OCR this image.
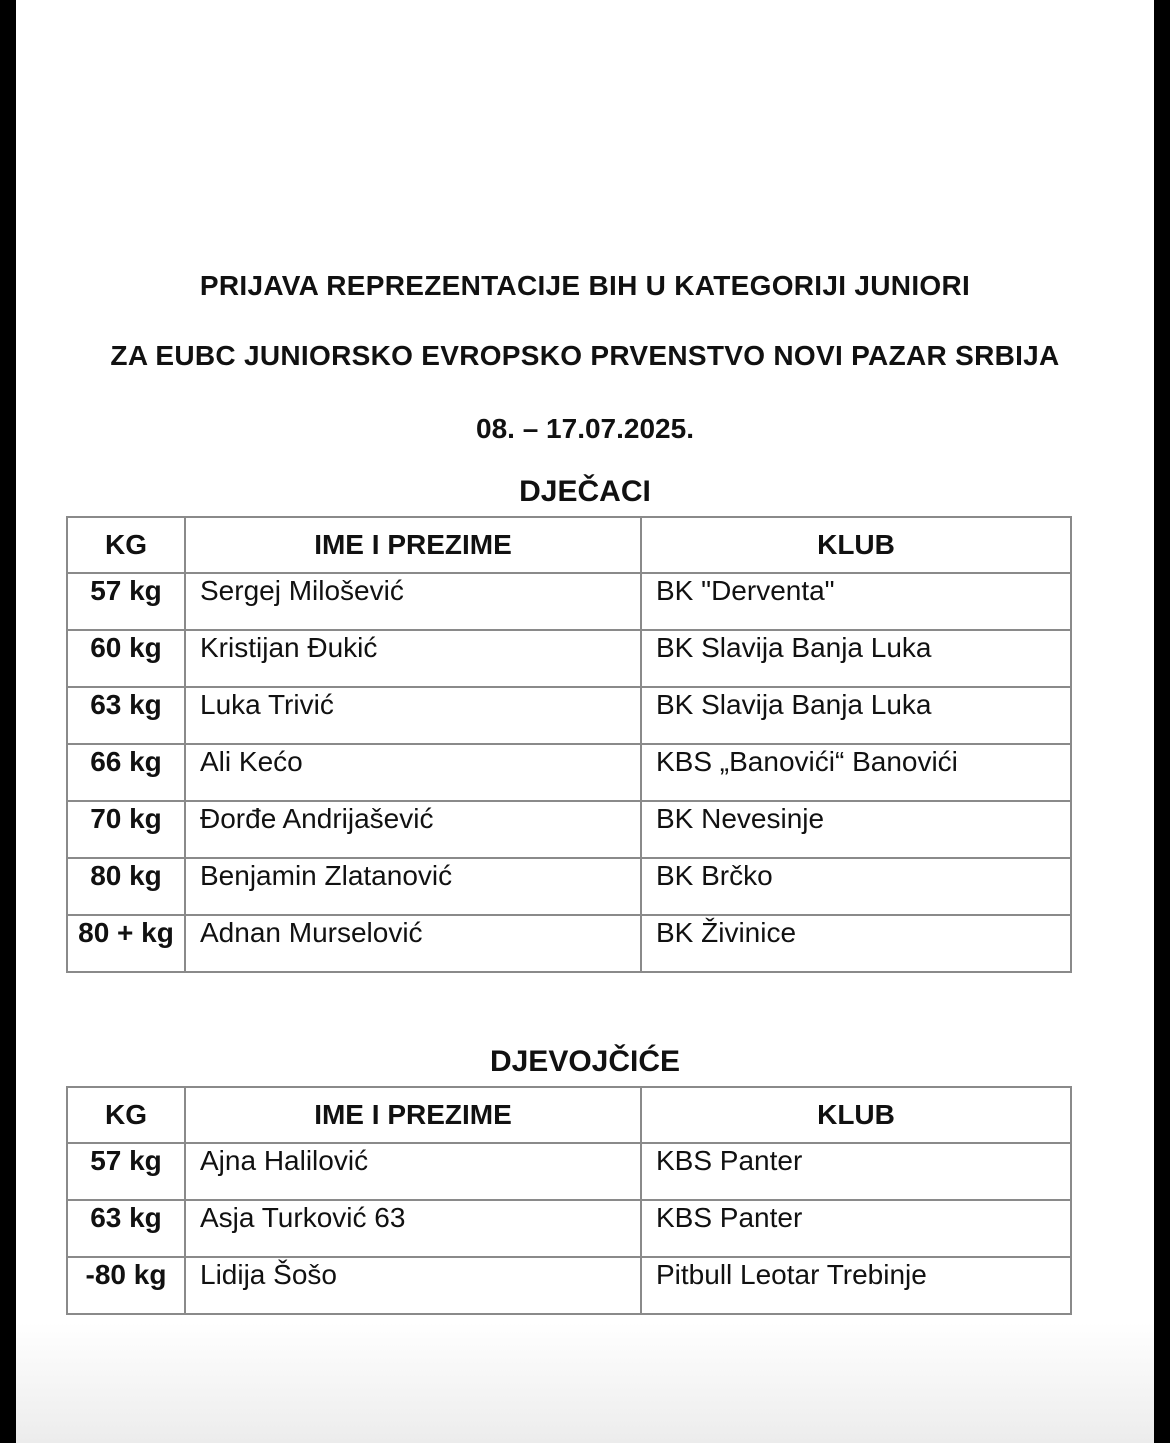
PRIJAVA REPREZENTACIJE BIH U KATEGORIJI JUNIORI
ZA EUBC JUNIORSKO EVROPSKO PRVENSTVO NOVI PAZAR SRBIJA
08. – 17.07.2025.
DJEČACI
KG	IME I PREZIME	KLUB
57 kg	Sergej Milošević	BK "Derventa"
60 kg	Kristijan Đukić	BK Slavija Banja Luka
63 kg	Luka Trivić	BK Slavija Banja Luka
66 kg	Ali Kećo	KBS „Banovići“ Banovići
70 kg	Đorđe Andrijašević	BK Nevesinje
80 kg	Benjamin Zlatanović	BK Brčko
80 + kg	Adnan Murselović	BK Živinice
DJEVOJČIĆE
KG	IME I PREZIME	KLUB
57 kg	Ajna Halilović	KBS Panter
63 kg	Asja Turković 63	KBS Panter
-80 kg	Lidija Šošo	Pitbull Leotar Trebinje
